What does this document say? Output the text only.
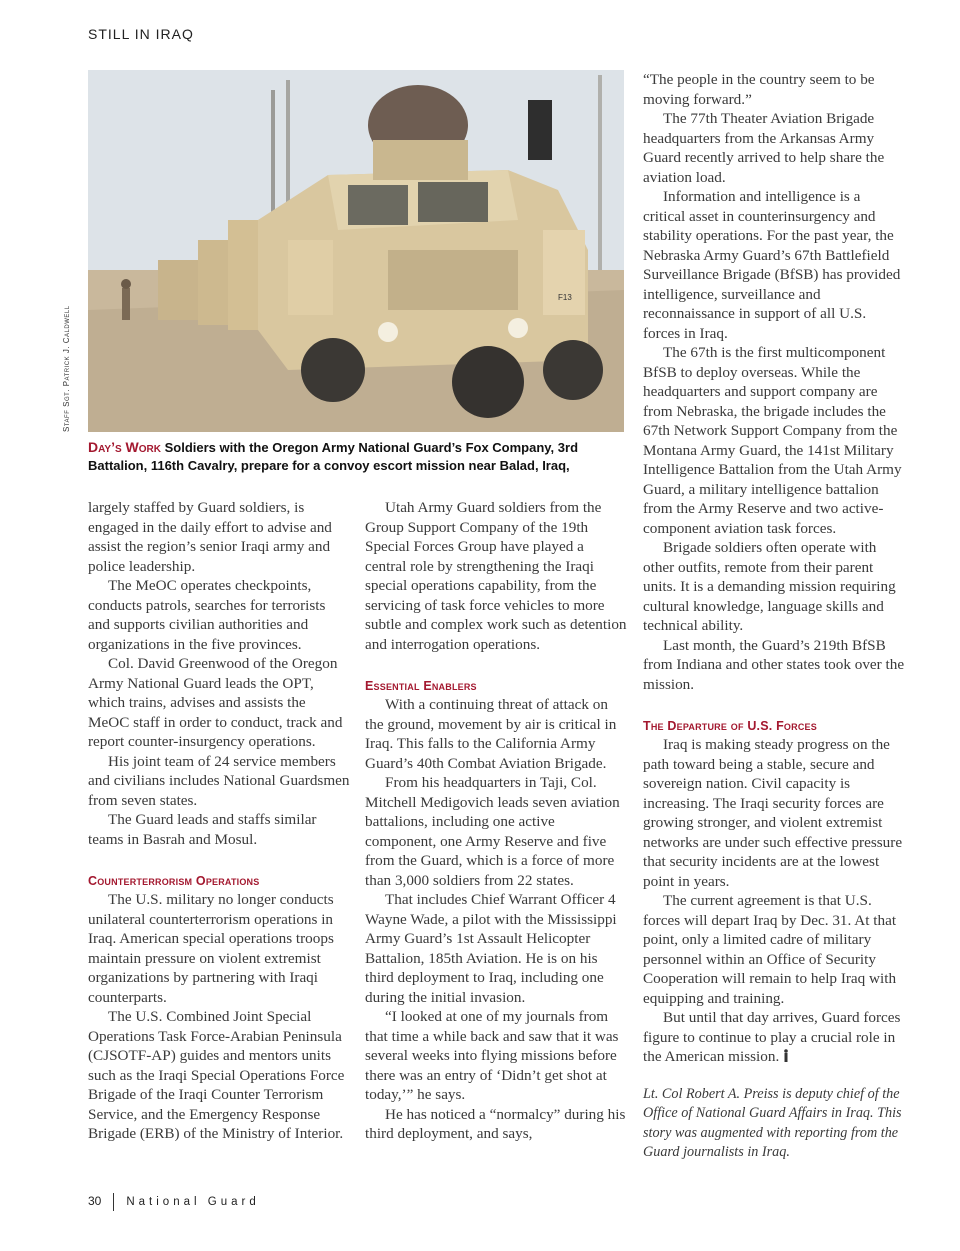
STILL IN IRAQ
F13
Staff Sgt. Patrick J. Caldwell
Day’s Work Soldiers with the Oregon Army National Guard’s Fox Company, 3rd Battalion, 116th Cavalry, prepare for a convoy escort mission near Balad, Iraq,

largely staffed by Guard soldiers, is engaged in the daily effort to advise and assist the region’s senior Iraqi army and police leadership.

The MeOC operates checkpoints, conducts patrols, searches for terrorists and supports civilian authorities and organizations in the five provinces.

Col. David Greenwood of the Oregon Army National Guard leads the OPT, which trains, advises and assists the MeOC staff in order to conduct, track and report counter-insurgency operations.

His joint team of 24 service members and civilians includes National Guardsmen from seven states.

The Guard leads and staffs similar teams in Basrah and Mosul.

Counterterrorism Operations

The U.S. military no longer conducts unilateral counterterrorism operations in Iraq. American special operations troops maintain pressure on violent extremist organizations by partnering with Iraqi counterparts.

The U.S. Combined Joint Special Operations Task Force-Arabian Peninsula (CJSOTF-AP) guides and mentors units such as the Iraqi Special Operations Force Brigade of the Iraqi Counter Terrorism Service, and the Emergency Response Brigade (ERB) of the Ministry of Interior.

Utah Army Guard soldiers from the Group Support Company of the 19th Special Forces Group have played a central role by strengthening the Iraqi special operations capability, from the servicing of task force vehicles to more subtle and complex work such as detention and interrogation operations.

Essential Enablers

With a continuing threat of attack on the ground, movement by air is critical in Iraq. This falls to the California Army Guard’s 40th Combat Aviation Brigade.

From his headquarters in Taji, Col. Mitchell Medigovich leads seven aviation battalions, including one active component, one Army Reserve and five from the Guard, which is a force of more than 3,000 soldiers from 22 states.

That includes Chief Warrant Officer 4 Wayne Wade, a pilot with the Mississippi Army Guard’s 1st Assault Helicopter Battalion, 185th Aviation. He is on his third deployment to Iraq, including one during the initial invasion.

“I looked at one of my journals from that time a while back and saw that it was several weeks into flying missions before there was an entry of ‘Didn’t get shot at today,’” he says.

He has noticed a “normalcy” during his third deployment, and says,

“The people in the country seem to be moving forward.”

The 77th Theater Aviation Brigade headquarters from the Arkansas Army Guard recently arrived to help share the aviation load.

Information and intelligence is a critical asset in counterinsurgency and stability operations. For the past year, the Nebraska Army Guard’s 67th Battlefield Surveillance Brigade (BfSB) has provided intelligence, surveillance and reconnaissance in support of all U.S. forces in Iraq.

The 67th is the first multicomponent BfSB to deploy overseas. While the headquarters and support company are from Nebraska, the brigade includes the 67th Network Support Company from the Montana Army Guard, the 141st Military Intelligence Battalion from the Utah Army Guard, a military intelligence battalion from the Army Reserve and two active-component aviation task forces.

Brigade soldiers often operate with other outfits, remote from their parent units. It is a demanding mission requiring cultural knowledge, language skills and technical ability.

Last month, the Guard’s 219th BfSB from Indiana and other states took over the mission.

The Departure of U.S. Forces

Iraq is making steady progress on the path toward being a stable, secure and sovereign nation. Civil capacity is increasing. The Iraqi security forces are growing stronger, and violent extremist networks are under such effective pressure that security incidents are at the lowest point in years.

The current agreement is that U.S. forces will depart Iraq by Dec. 31. At that point, only a limited cadre of military personnel within an Office of Security Cooperation will remain to help Iraq with equipping and training.

But until that day arrives, Guard forces figure to continue to play a crucial role in the American mission.

Lt. Col Robert A. Preiss is deputy chief of the Office of National Guard Affairs in Iraq. This story was augmented with reporting from the Guard journalists in Iraq.

30 National Guard
